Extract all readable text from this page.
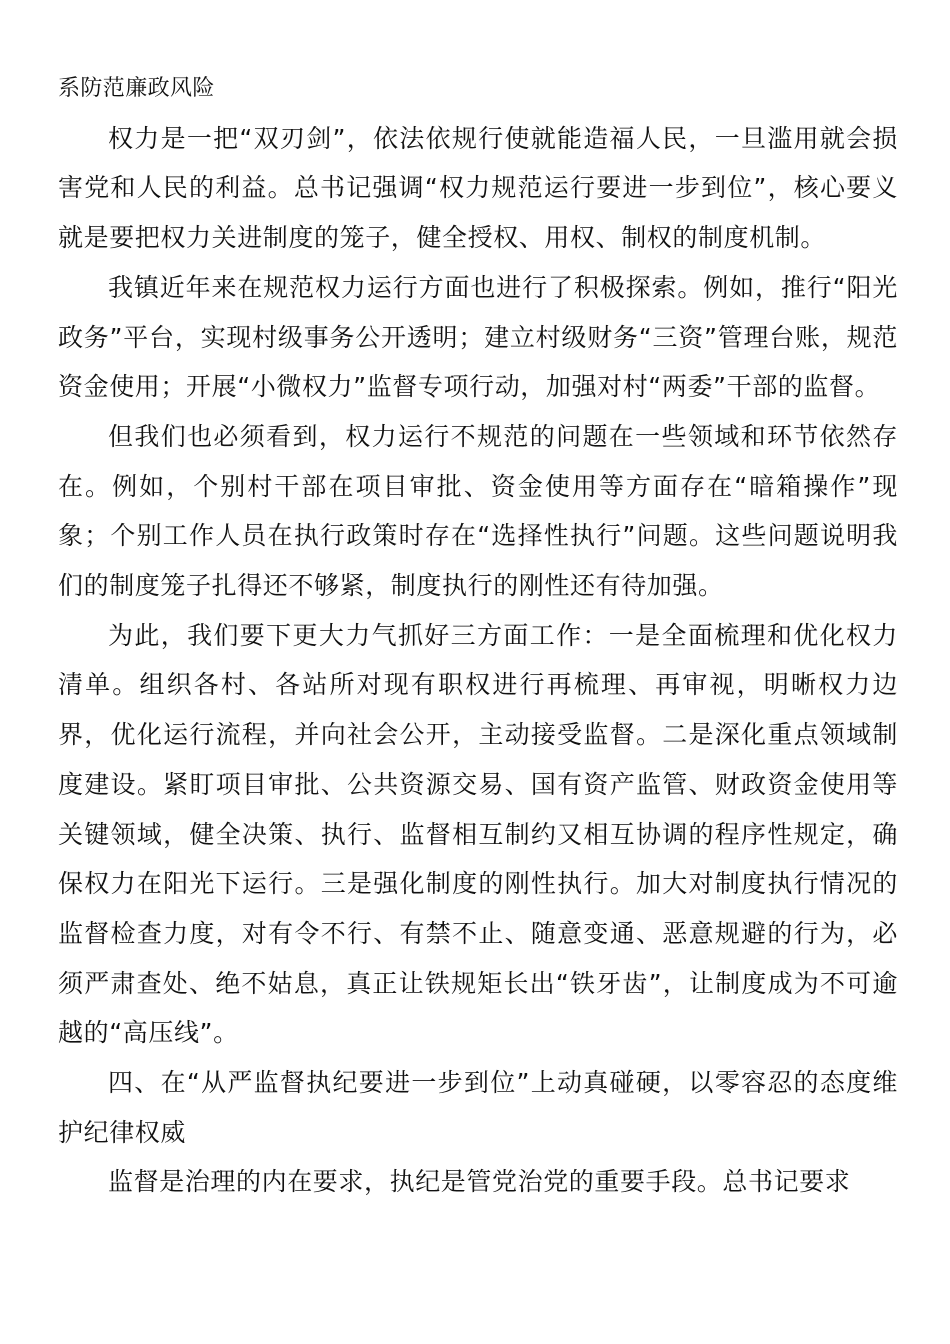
系防范廉政风险

权力是一把“双刃剑”，依法依规行使就能造福人民，一旦滥用就会损害党和人民的利益。总书记强调“权力规范运行要进一步到位”，核心要义就是要把权力关进制度的笼子，健全授权、用权、制权的制度机制。

我镇近年来在规范权力运行方面也进行了积极探索。例如，推行“阳光政务”平台，实现村级事务公开透明；建立村级财务“三资”管理台账，规范资金使用；开展“小微权力”监督专项行动，加强对村“两委”干部的监督。

但我们也必须看到，权力运行不规范的问题在一些领域和环节依然存在。例如，个别村干部在项目审批、资金使用等方面存在“暗箱操作”现象；个别工作人员在执行政策时存在“选择性执行”问题。这些问题说明我们的制度笼子扎得还不够紧，制度执行的刚性还有待加强。

为此，我们要下更大力气抓好三方面工作：一是全面梳理和优化权力清单。组织各村、各站所对现有职权进行再梳理、再审视，明晰权力边界，优化运行流程，并向社会公开，主动接受监督。二是深化重点领域制度建设。紧盯项目审批、公共资源交易、国有资产监管、财政资金使用等关键领域，健全决策、执行、监督相互制约又相互协调的程序性规定，确保权力在阳光下运行。三是强化制度的刚性执行。加大对制度执行情况的监督检查力度，对有令不行、有禁不止、随意变通、恶意规避的行为，必须严肃查处、绝不姑息，真正让铁规矩长出“铁牙齿”，让制度成为不可逾越的“高压线”。

四、在“从严监督执纪要进一步到位”上动真碰硬，以零容忍的态度维护纪律权威

监督是治理的内在要求，执纪是管党治党的重要手段。总书记要求
